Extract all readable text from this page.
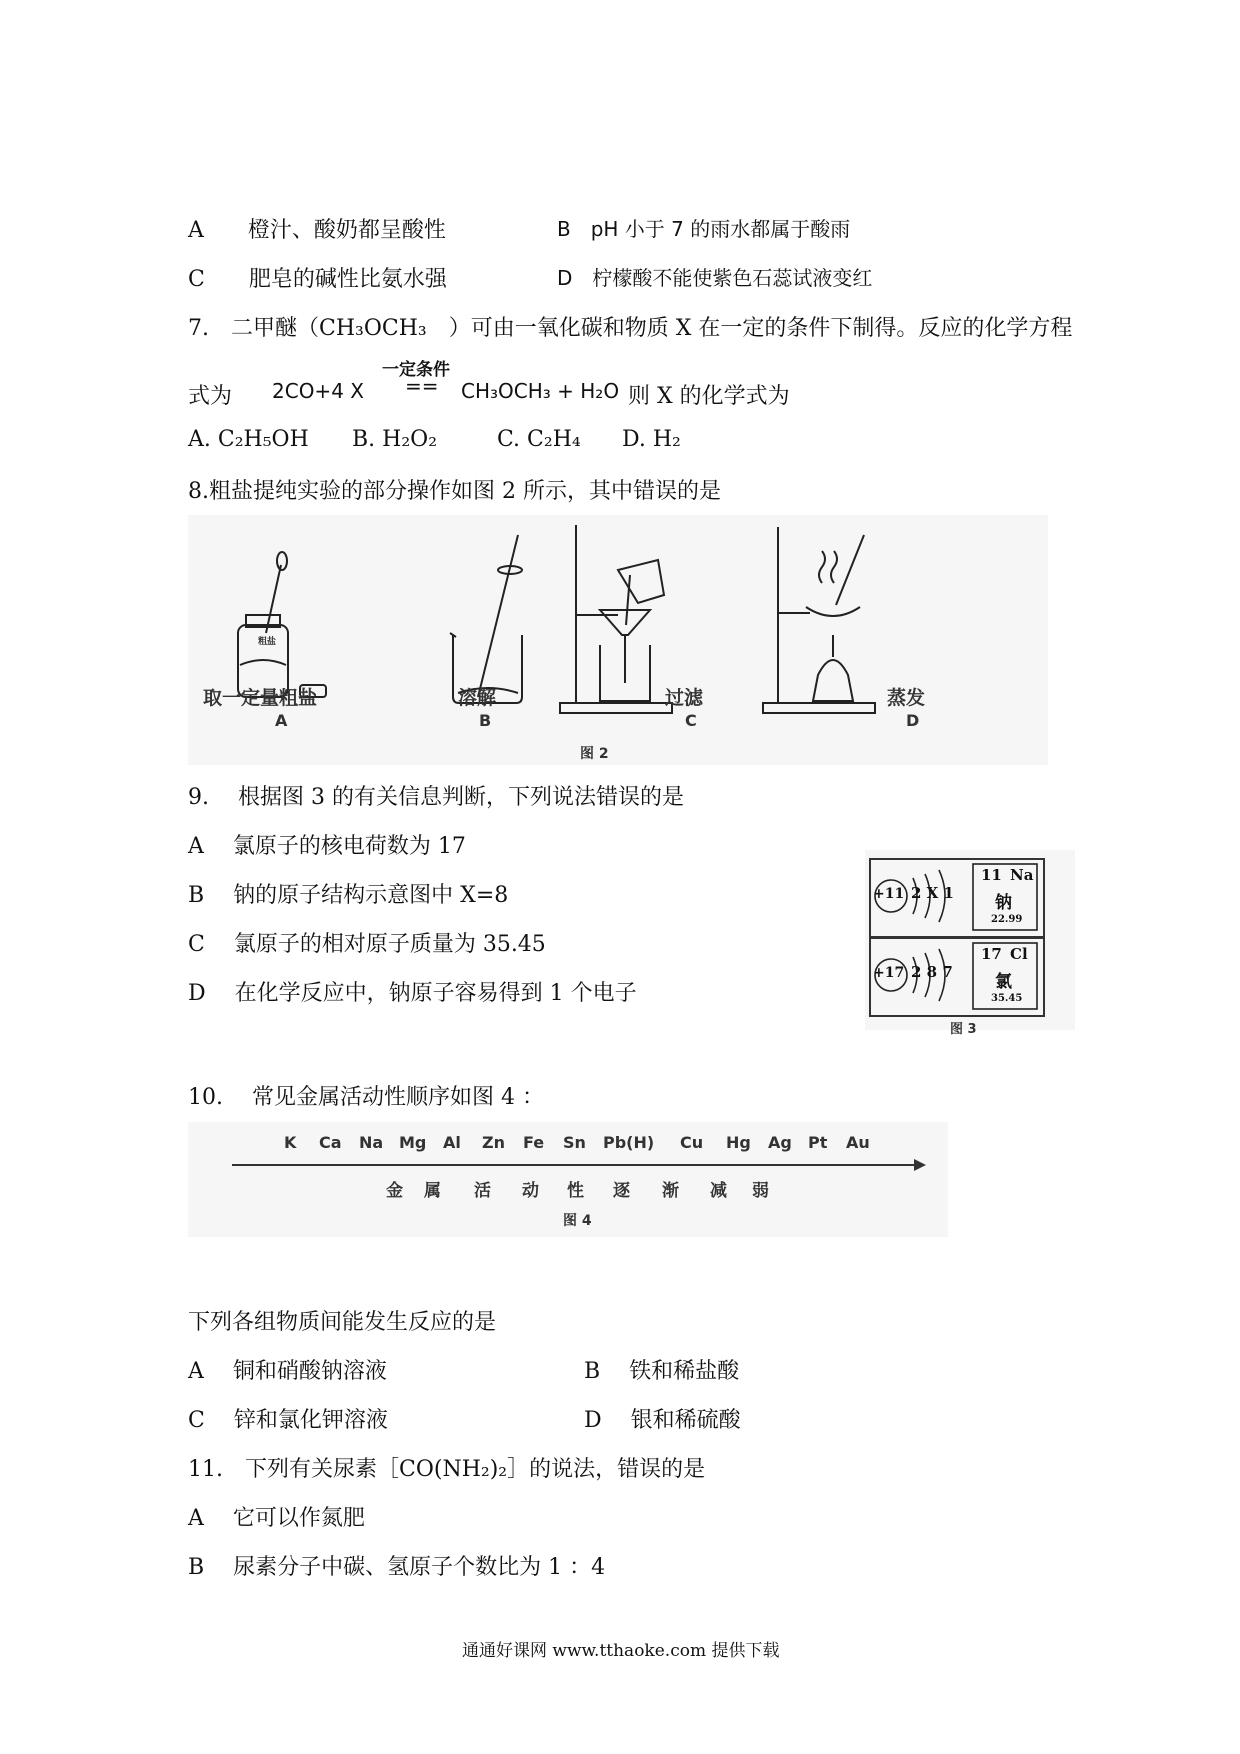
A　　橙汁、酸奶都呈酸性	B　pH 小于 7 的雨水都属于酸雨
C　　肥皂的碱性比氨水强	D　柠檬酸不能使紫色石蕊试液变红
7.　二甲醚（CH₃OCH₃　）可由一氧化碳和物质 X 在一定的条件下制得。反应的化学方程
一定条件
式为 2CO+4 X == CH₃OCH₃ + H₂O 则 X 的化学式为
A. C₂H₅OH B. H₂O₂	C. C₂H₄ D. H₂
8.粗盐提纯实验的部分操作如图 2 所示，其中错误的是
取一定量粗盐	溶解	过滤	蒸发
A	B	C	D
图 2
粗盐
9.　 根据图 3 的有关信息判断，下列说法错误的是
A　 氯原子的核电荷数为 17
B　 钠的原子结构示意图中 X=8
C　 氯原子的相对原子质量为 35.45
D　 在化学反应中，钠原子容易得到 1 个电子
+11 2 X 1
11 Na
钠
22.99
+17 2 8 7
17 Cl
氯
35.45
图 3
10.　 常见金属活动性顺序如图 4 ：
K Ca Na Mg Al Zn Fe Sn Pb(H) Cu Hg Ag Pt Au
金 属 活 动 性 逐 渐 减 弱
图 4
下列各组物质间能发生反应的是
A　 铜和硝酸钠溶液	B　 铁和稀盐酸
C　 锌和氯化钾溶液	D　 银和稀硫酸
11.　下列有关尿素［CO(NH₂)₂］的说法，错误的是
A　 它可以作氮肥
B　 尿素分子中碳、氢原子个数比为 1 ：4
通通好课网 www.tthaoke.com 提供下载
